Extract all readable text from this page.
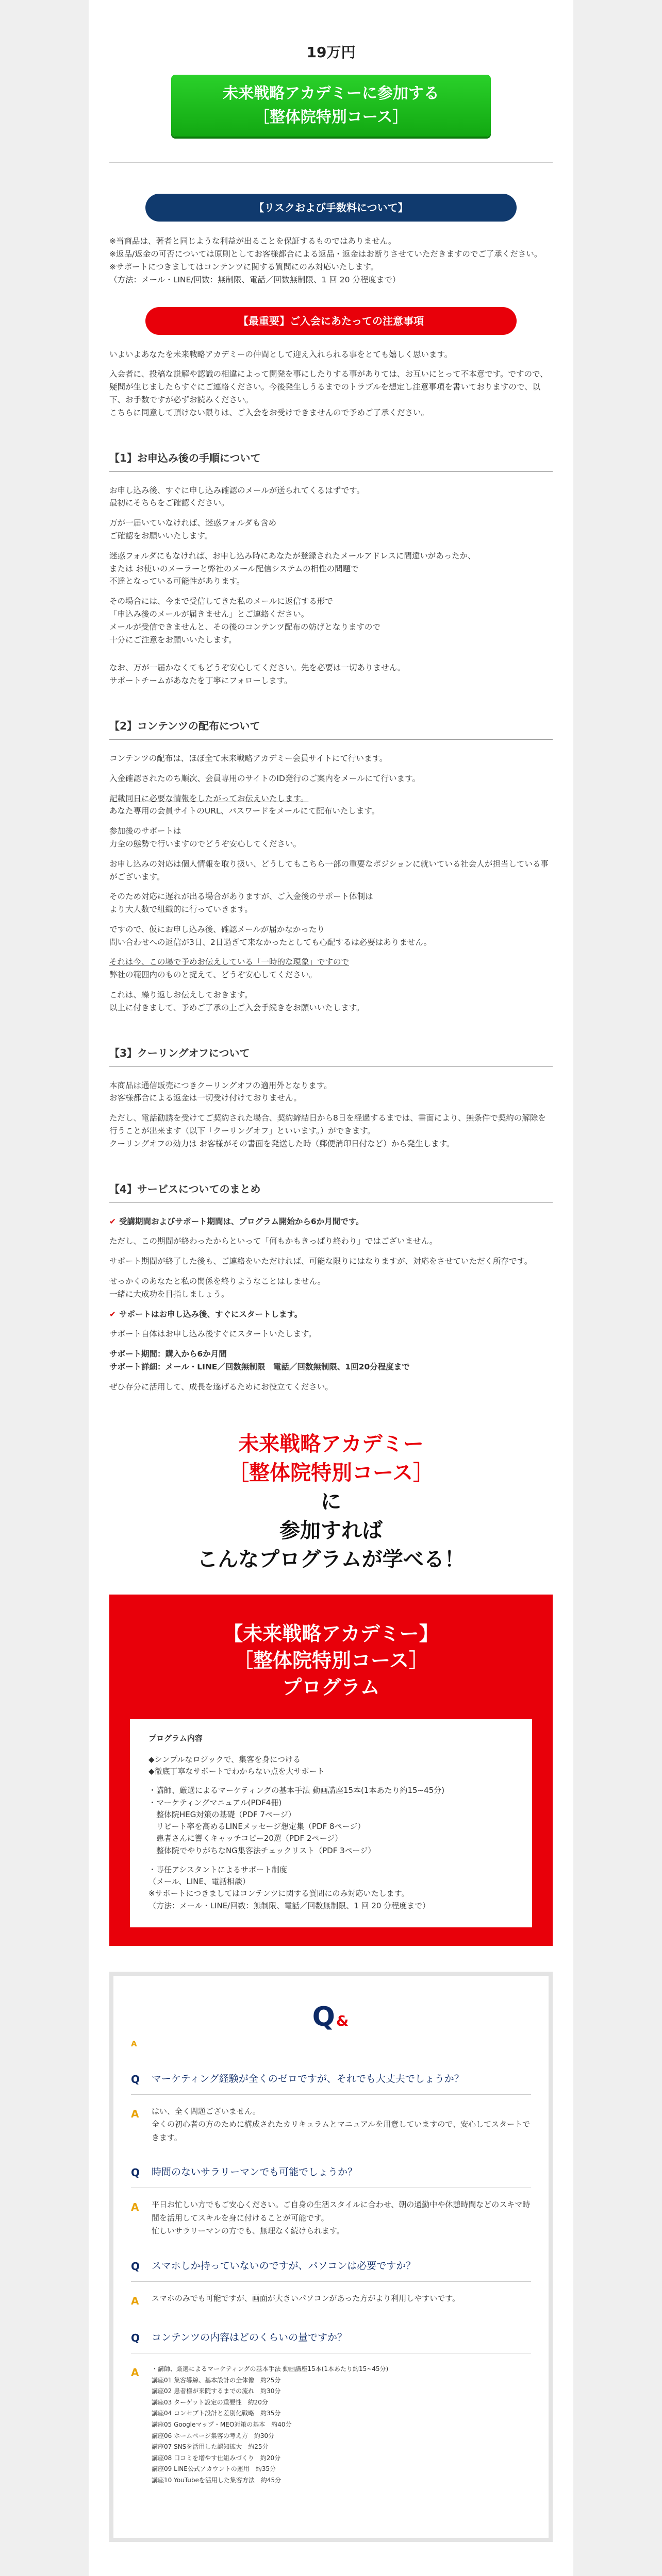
19万円
未来戦略アカデミーに参加する
［整体院特別コース］
【リスクおよび手数料について】
※当商品は、著者と同じような利益が出ることを保証するものではありません。
※返品/返金の可否については原則としてお客様都合による返品・返金はお断りさせていただきますのでご了承ください。
※サポートにつきましてはコンテンツに関する質問にのみ対応いたします。
（方法：メール・LINE/回数：無制限、電話／回数無制限、1 回 20 分程度まで）
【最重要】ご入会にあたっての注意事項
いよいよあなたを未来戦略アカデミーの仲間として迎え入れられる事をとても嬉しく思います。
入会者に、投稿な説解や認識の相違によって開発を事にしたりする事がありては、お互いにとって不本意です。ですので、疑問が生じましたらすぐにご連絡ください。今後発生しうるまでのトラブルを想定し注意事項を書いておりますので、以下、お手数ですが必ずお読みください。
こちらに同意して頂けない限りは、ご入会をお受けできませんので予めご了承ください。
【1】お申込み後の手順について
お申し込み後、すぐに申し込み確認のメールが送られてくるはずです。
最初にそちらをご確認ください。
万が一届いていなければ、迷惑フォルダも含め
ご確認をお願いいたします。
迷惑フォルダにもなければ、お申し込み時にあなたが登録されたメールアドレスに間違いがあったか、
または お使いのメーラーと弊社のメール配信システムの相性の問題で
不達となっている可能性があります。
その場合には、今まで受信してきた私のメールに返信する形で
「申込み後のメールが届きません」とご連絡ください。
メールが受信できませんと、その後のコンテンツ配布の妨げとなりますので
十分にご注意をお願いいたします。
なお、万が一届かなくてもどうぞ安心してください。先を必要は一切ありません。
サポートチームがあなたを丁寧にフォローします。
【2】コンテンツの配布について
コンテンツの配布は、ほぼ全て未来戦略アカデミー会員サイトにて行います。
入金確認されたのち順次、会員専用のサイトのID発行のご案内をメールにて行います。
記載同日に必要な情報をしたがってお伝えいたします。
あなた専用の会員サイトのURL、パスワードをメールにて配布いたします。
参加後のサポートは
力全の態勢で行いますのでどうぞ安心してください。
お申し込みの対応は個人情報を取り扱い、どうしてもこちら一部の重要なポジションに就いている社会人が担当している事がございます。
そのため対応に遅れが出る場合がありますが、ご入金後のサポート体制は
より大人数で組織的に行っていきます。
ですので、仮にお申し込み後、確認メールが届かなかったり
問い合わせへの返信が3日、2日過ぎて来なかったとしても心配するは必要はありません。
それは今、この場で予めお伝えしている「一時的な現象」ですので
弊社の範囲内のものと捉えて、どうぞ安心してください。
これは、繰り返しお伝えしておきます。
以上に付きまして、予めご了承の上ご入会手続きをお願いいたします。
【3】クーリングオフについて
本商品は通信販売につきクーリングオフの適用外となります。
お客様都合による返金は一切受け付けておりません。
ただし、電話勧誘を受けてご契約された場合、契約締結日から8日を経過するまでは、書面により、無条件で契約の解除を行うことが出来ます（以下「クーリングオフ」といいます。）ができます。
クーリングオフの効力は お客様がその書面を発送した時（郵便消印日付など）から発生します。
【4】サービスについてのまとめ
✔ 受講期間およびサポート期間は、プログラム開始から6か月間です。
ただし、この期間が終わったからといって「何もかもきっぱり終わり」ではございません。
サポート期間が終了した後も、ご連絡をいただければ、可能な限りにはなりますが、対応をさせていただく所存です。
せっかくのあなたと私の関係を終りようなことはしません。
一緒に大成功を目指しましょう。
✔ サポートはお申し込み後、すぐにスタートします。
サポート自体はお申し込み後すぐにスタートいたします。
サポート期間：購入から6か月間
サポート詳細：メール・LINE／回数無制限　電話／回数無制限、1回20分程度まで
ぜひ存分に活用して、成長を遂げるためにお役立てください。
未来戦略アカデミー
［整体院特別コース］
に
参加すれば
こんなプログラムが学べる！
【未来戦略アカデミー】
［整体院特別コース］
プログラム
プログラム内容
◆シンプルなロジックで、集客を身につける
◆徹底丁寧なサポートでわからない点を大サポート
・講師、厳選によるマーケティングの基本手法 動画講座15本(1本あたり約15~45分)
・マーケティングマニュアル(PDF4冊)
　整体院HEG対策の基礎（PDF 7ページ）
　リピート率を高めるLINEメッセージ想定集（PDF 8ページ）
　患者さんに響くキャッチコピー20選（PDF 2ページ）
　整体院でやりがちなNG集客法チェックリスト（PDF 3ページ）
・専任アシスタントによるサポート制度
（メール、LINE、電話相談）
※サポートにつきましてはコンテンツに関する質問にのみ対応いたします。
（方法：メール・LINE/回数：無制限、電話／回数無制限、1 回 20 分程度まで）
Q&
A
Q	マーケティング経験が全くのゼロですが、それでも大丈夫でしょうか？
A	はい、全く問題ございません。
全くの初心者の方のために構成されたカリキュラムとマニュアルを用意していますので、安心してスタートできます。
Q	時間のないサラリーマンでも可能でしょうか？
A	平日お忙しい方でもご安心ください。ご自身の生活スタイルに合わせ、朝の通勤中や休憩時間などのスキマ時間を活用してスキルを身に付けることが可能です。
忙しいサラリーマンの方でも、無理なく続けられます。
Q	スマホしか持っていないのですが、パソコンは必要ですか？
A	スマホのみでも可能ですが、画面が大きいパソコンがあった方がより利用しやすいです。
Q	コンテンツの内容はどのくらいの量ですか？
A	・講師、厳選によるマーケティングの基本手法 動画講座15本(1本あたり約15~45分)
講座01 集客導線、基本設計の全体像　約25分
講座02 患者様が来院するまでの流れ　約30分
講座03 ターゲット設定の重要性　約20分
講座04 コンセプト設計と差別化戦略　約35分
講座05 Googleマップ・MEO対策の基本　約40分
講座06 ホームページ集客の考え方　約30分
講座07 SNSを活用した認知拡大　約25分
講座08 口コミを増やす仕組みづくり　約20分
講座09 LINE公式アカウントの運用　約35分
講座10 YouTubeを活用した集客方法　約45分
